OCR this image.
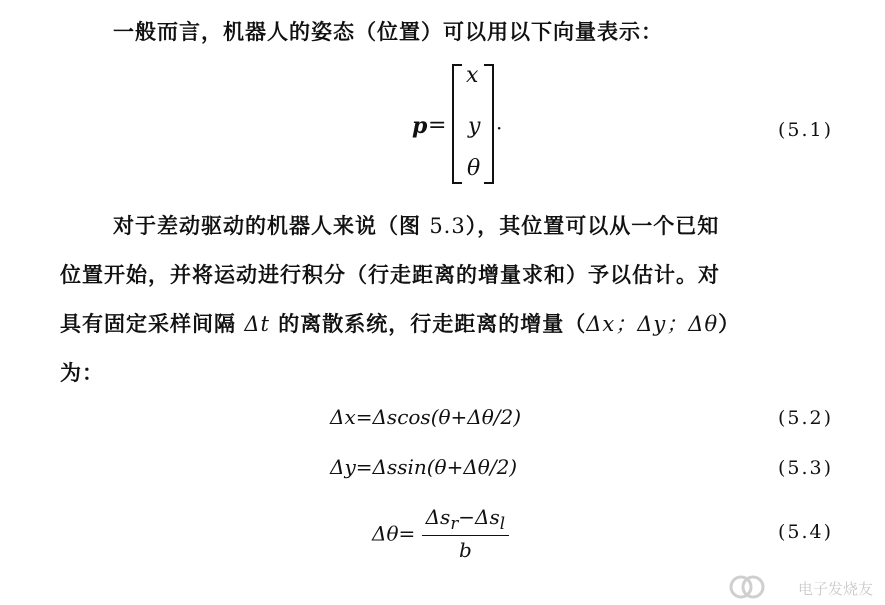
一般而言，机器人的姿态（位置）可以用以下向量表示：
p =
x
y
θ
·	(5.1)
对于差动驱动的机器人来说（图 5.3），其位置可以从一个已知
位置开始，并将运动进行积分（行走距离的增量求和）予以估计。对
具有固定采样间隔 Δt 的离散系统，行走距离的增量（Δx；Δy；Δθ）
为：
Δx=Δscos(θ+Δθ/2)	(5.2)
Δy=Δssin(θ+Δθ/2)	(5.3)
$\Delta\theta= \frac{\Delta s_r-\Delta s_l}{b}$	(5.4)
电子发烧友
